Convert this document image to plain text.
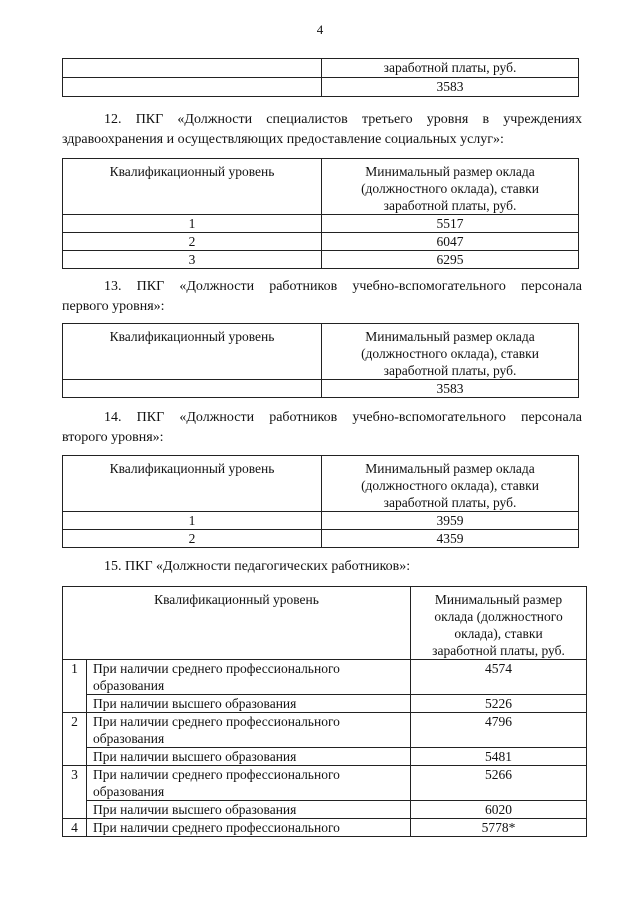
4
	заработной платы, руб.
	3583
12. ПКГ «Должности специалистов третьего уровня в учреждениях
здравоохранения и осуществляющих предоставление социальных услуг»:
Квалификационный уровень	Минимальный размер оклада
(должностного оклада), ставки
заработной платы, руб.

1	5517
2	6047
3	6295
13. ПКГ «Должности работников учебно-вспомогательного персонала
первого уровня»:
Квалификационный уровень	Минимальный размер оклада
(должностного оклада), ставки
заработной платы, руб.

	3583
14. ПКГ «Должности работников учебно-вспомогательного персонала
второго уровня»:
Квалификационный уровень	Минимальный размер оклада
(должностного оклада), ставки
заработной платы, руб.

1	3959
2	4359
15. ПКГ «Должности педагогических работников»:
Квалификационный уровень		Минимальный размер
оклада (должностного
оклада), ставки
заработной платы, руб.

1	При наличии среднего профессионального
образования	4574
	При наличии высшего образования	5226
2	При наличии среднего профессионального
образования	4796
	При наличии высшего образования	5481
3	При наличии среднего профессионального
образования	5266
	При наличии высшего образования	6020
4	При наличии среднего профессионального	5778*
